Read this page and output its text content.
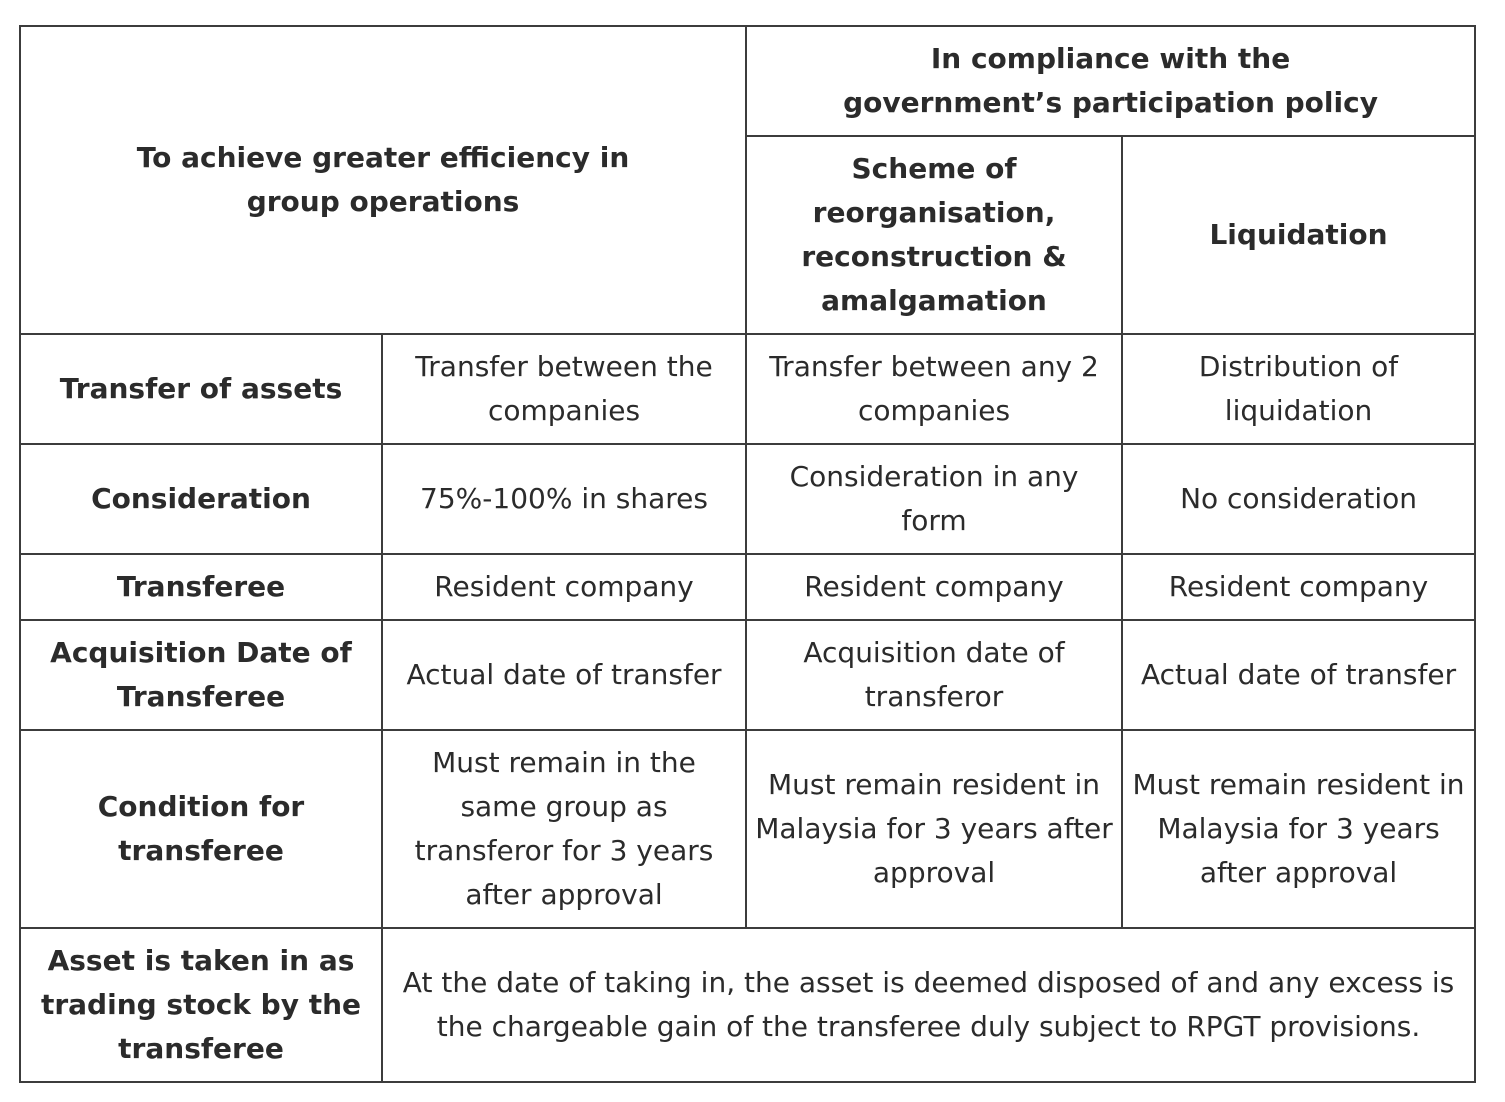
To achieve greater efficiency in group operations		In compliance with the government’s participation policy	
		Scheme of reorganisation, reconstruction & amalgamation	Liquidation
Transfer of assets	Transfer between the companies	Transfer between any 2 companies	Distribution of liquidation
Consideration	75%-100% in shares	Consideration in any form	No consideration
Transferee	Resident company	Resident company	Resident company
Acquisition Date of Transferee	Actual date of transfer	Acquisition date of transferor	Actual date of transfer
Condition for transferee	Must remain in the same group as transferor for 3 years after approval	Must remain resident in Malaysia for 3 years after approval	Must remain resident in Malaysia for 3 years after approval
Asset is taken in as trading stock by the transferee	At the date of taking in, the asset is deemed disposed of and any excess is the chargeable gain of the transferee duly subject to RPGT provisions.		
